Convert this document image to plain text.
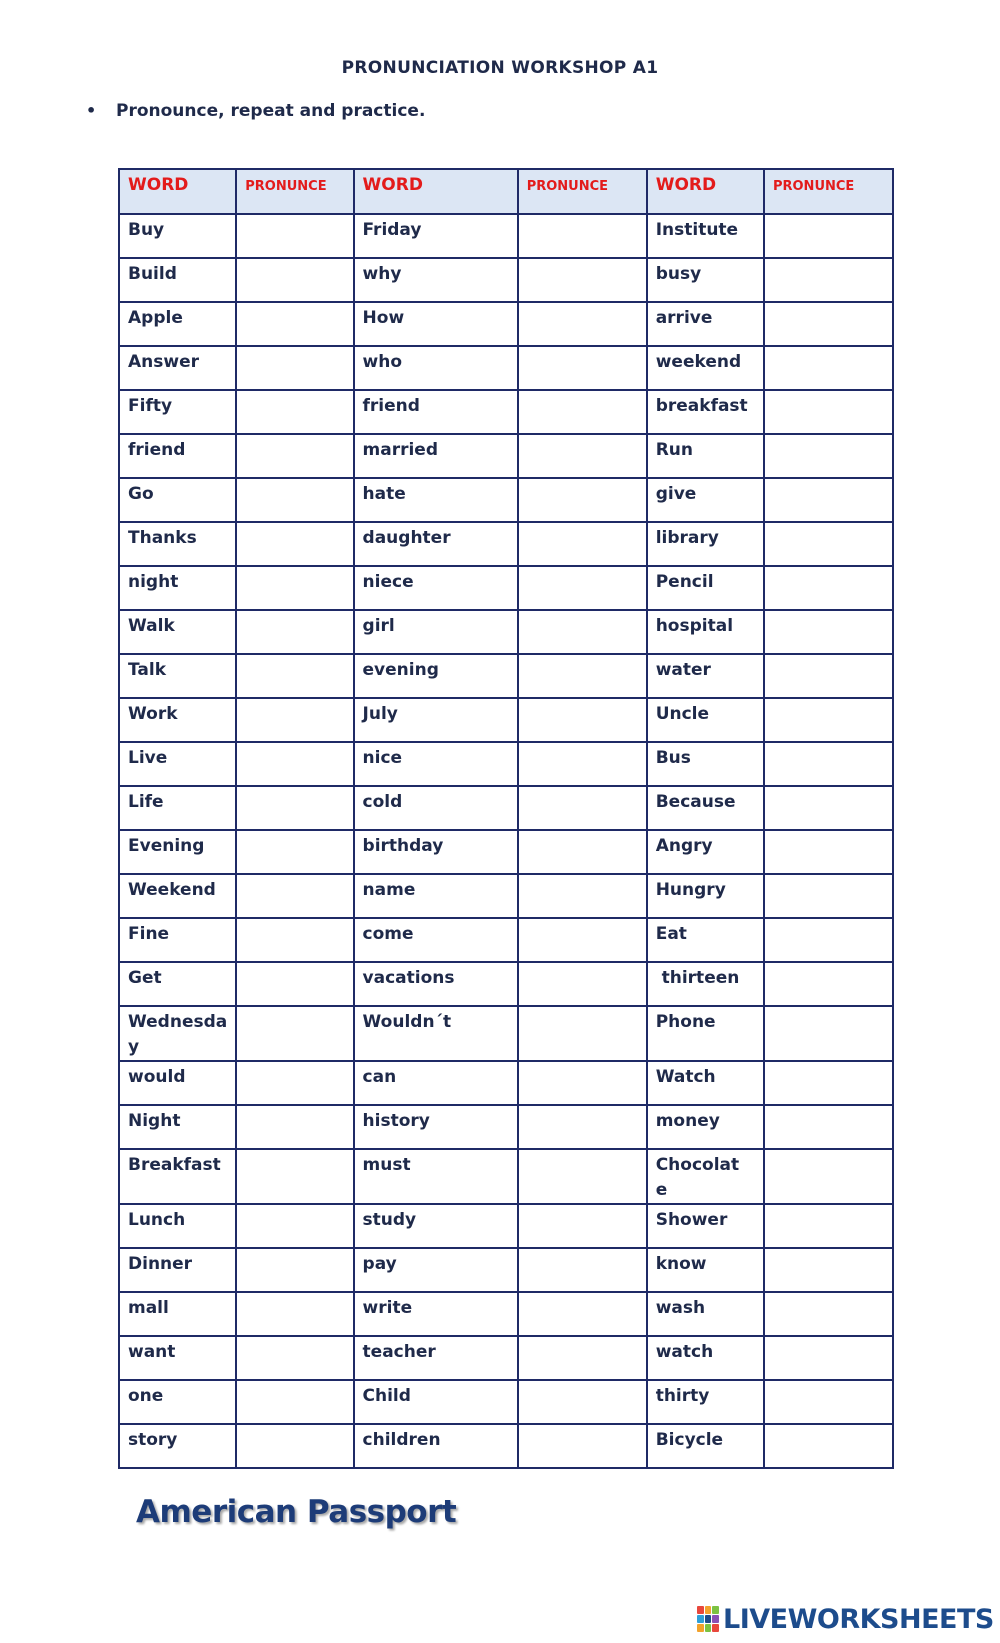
PRONUNCIATION WORKSHOP A1
• Pronounce, repeat and practice.
WORD	PRONUNCE	WORD	PRONUNCE	WORD	PRONUNCE
Buy		Friday		Institute	
Build		why		busy	
Apple		How		arrive	
Answer		who		weekend	
Fifty		friend		breakfast	
friend		married		Run	
Go		hate		give	
Thanks		daughter		library	
night		niece		Pencil	
Walk		girl		hospital	
Talk		evening		water	
Work		July		Uncle	
Live		nice		Bus	
Life		cold		Because	
Evening		birthday		Angry	
Weekend		name		Hungry	
Fine		come		Eat	
Get		vacations		thirteen	
Wednesda
y		Wouldn´t		Phone	
would		can		Watch	
Night		history		money	
Breakfast		must		Chocolat
e	
Lunch		study		Shower	
Dinner		pay		know	
mall		write		wash	
want		teacher		watch	
one		Child		thirty	
story		children		Bicycle	
American Passport
LIVEWORKSHEETS
